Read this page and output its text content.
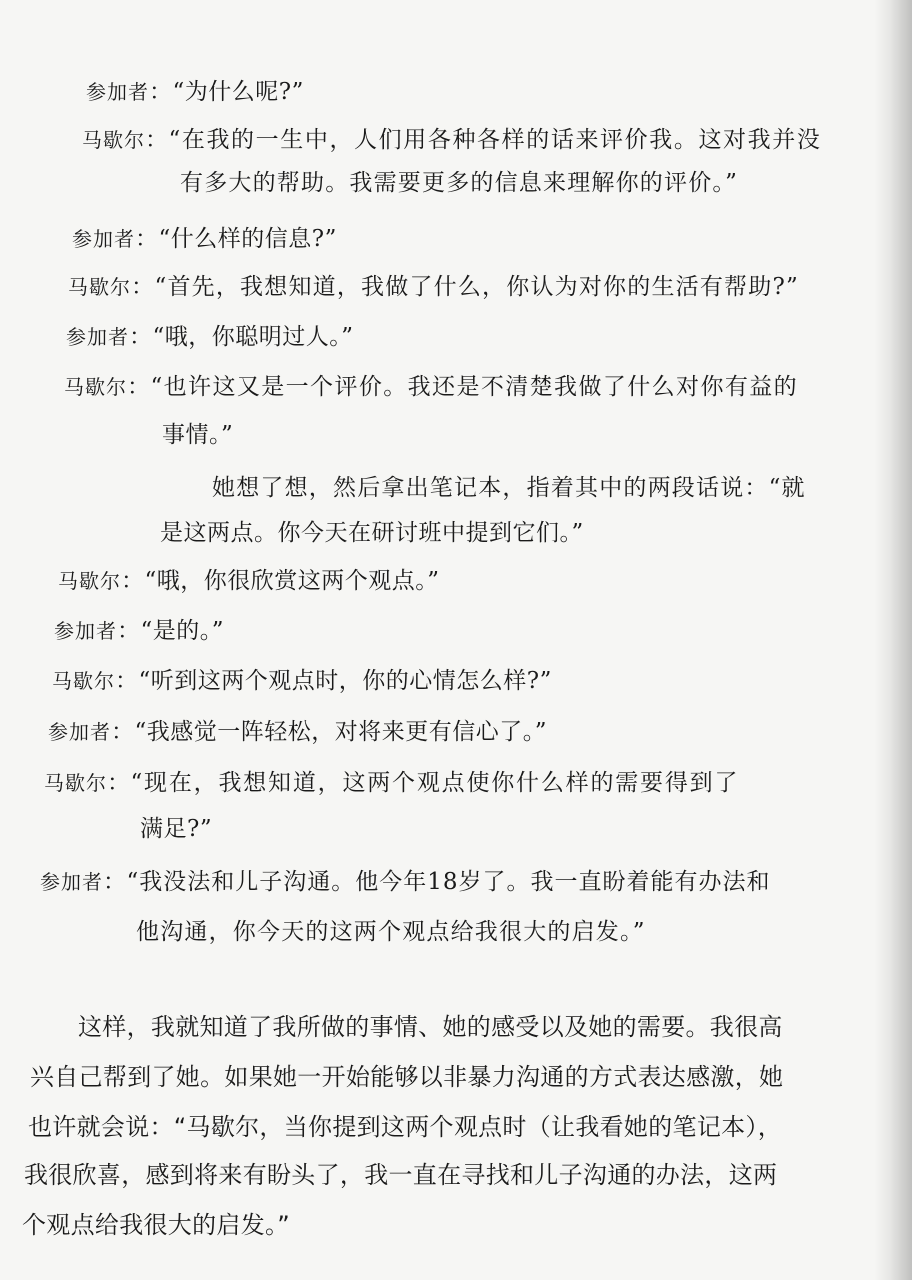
参加者：“为什么呢?”
马歇尔：“在我的一生中，人们用各种各样的话来评价我。这对我并没
有多大的帮助。我需要更多的信息来理解你的评价。”
参加者：“什么样的信息?”
马歇尔：“首先，我想知道，我做了什么，你认为对你的生活有帮助?”
参加者：“哦，你聪明过人。”
马歇尔：“也许这又是一个评价。我还是不清楚我做了什么对你有益的
事情。”
她想了想，然后拿出笔记本，指着其中的两段话说：“就
是这两点。你今天在研讨班中提到它们。”
马歇尔：“哦，你很欣赏这两个观点。”
参加者：“是的。”
马歇尔：“听到这两个观点时，你的心情怎么样?”
参加者：“我感觉一阵轻松，对将来更有信心了。”
马歇尔：“现在，我想知道，这两个观点使你什么样的需要得到了
满足?”
参加者：“我没法和儿子沟通。他今年18岁了。我一直盼着能有办法和
他沟通，你今天的这两个观点给我很大的启发。”
这样，我就知道了我所做的事情、她的感受以及她的需要。我很高
兴自己帮到了她。如果她一开始能够以非暴力沟通的方式表达感激，她
也许就会说：“马歇尔，当你提到这两个观点时（让我看她的笔记本），
我很欣喜，感到将来有盼头了，我一直在寻找和儿子沟通的办法，这两
个观点给我很大的启发。”
